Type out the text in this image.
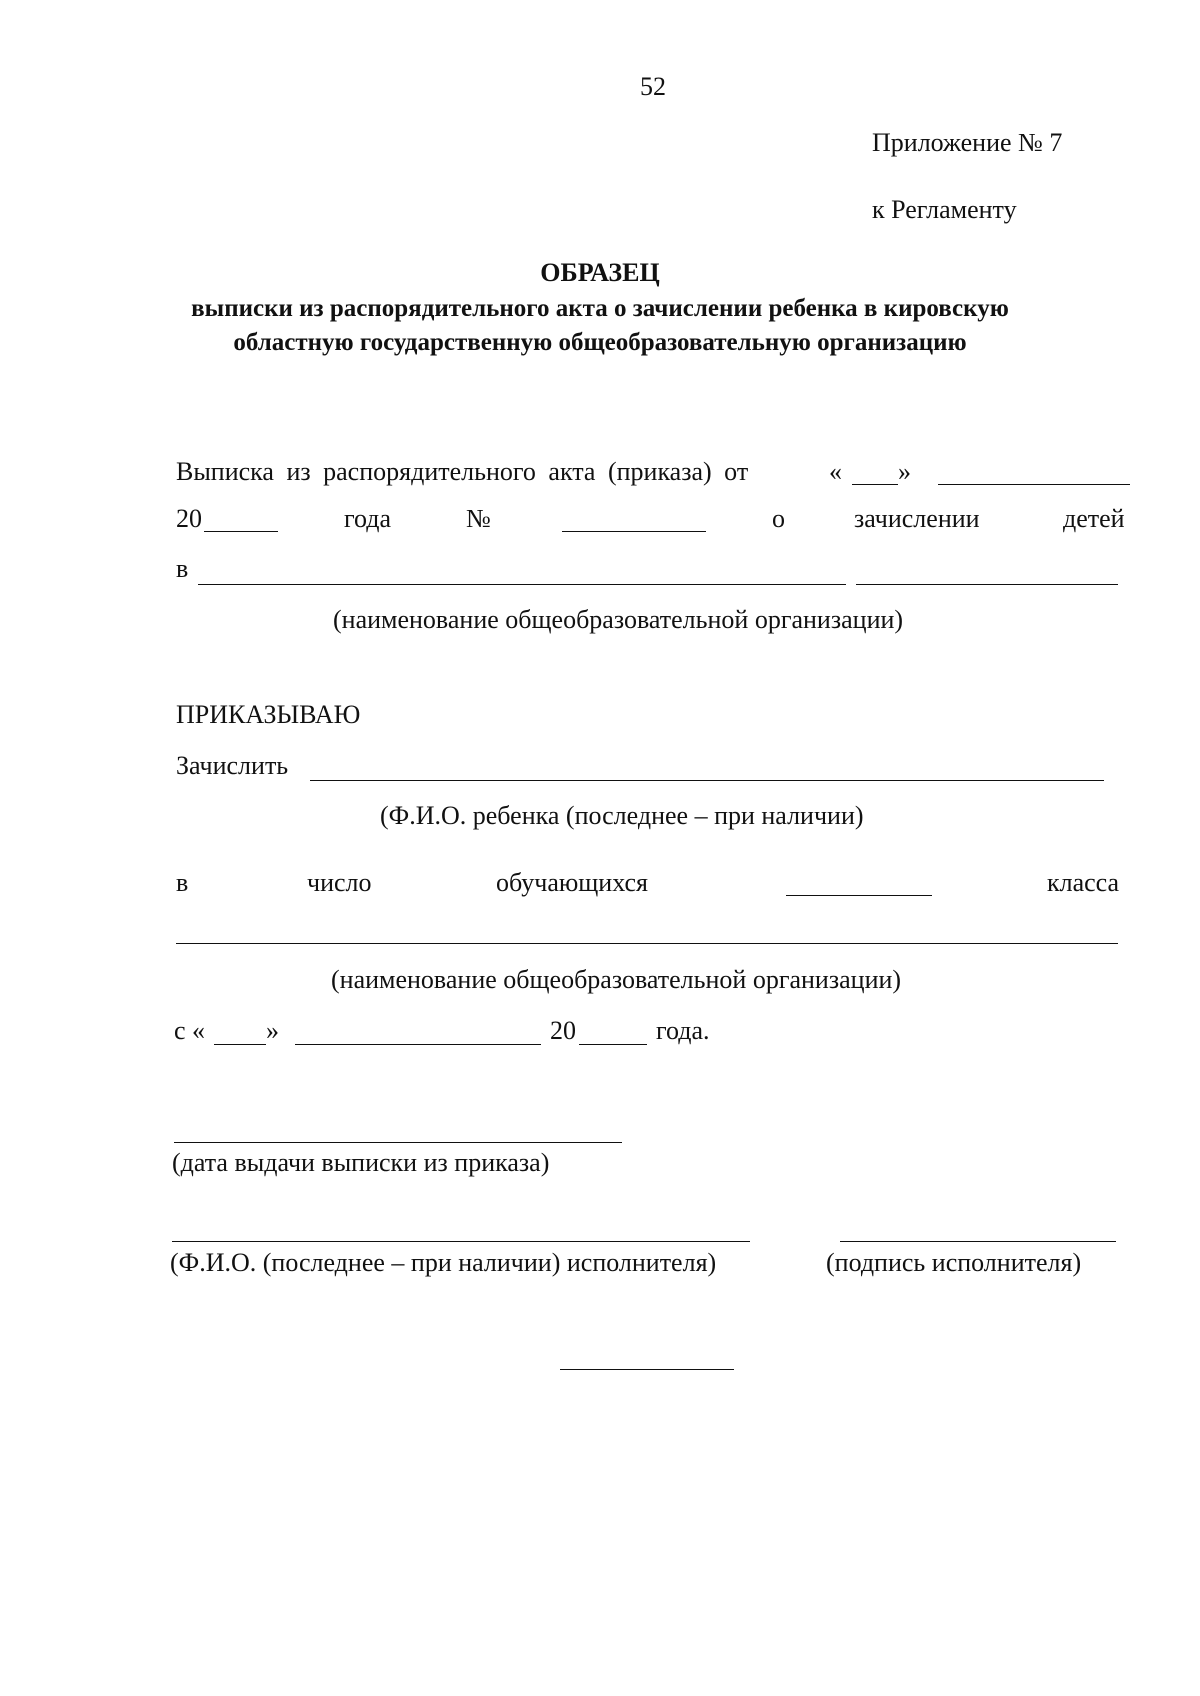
52
Приложение № 7
к Регламенту
ОБРАЗЕЦ
выписки из распорядительного акта о зачислении ребенка в кировскую
областную государственную общеобразовательную организацию
Выписка из распорядительного акта (приказа) от	« »
20	года	№	о	зачислении	детей
в
(наименование общеобразовательной организации)
ПРИКАЗЫВАЮ
Зачислить
(Ф.И.О. ребенка (последнее – при наличии)
в	число	обучающихся	класса
(наименование общеобразовательной организации)
с « »	20	года.
(дата выдачи выписки из приказа)
(Ф.И.О. (последнее – при наличии) исполнителя)	(подпись исполнителя)
